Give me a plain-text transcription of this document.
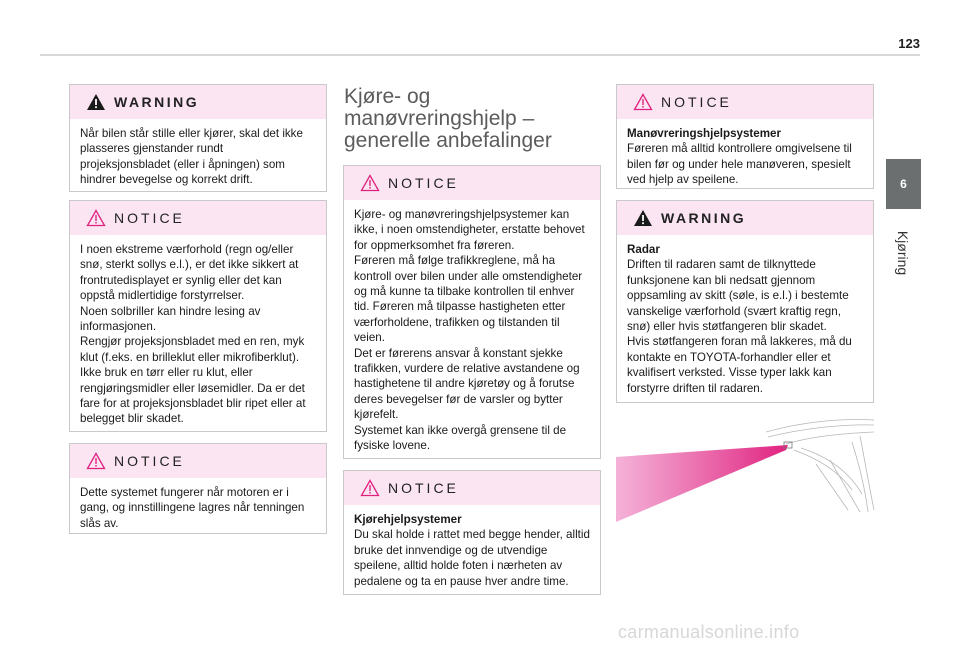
123
6
Kjøring
WARNING

Når bilen står stille eller kjører, skal det ikke plasseres gjenstander rundt projeksjonsbladet (eller i åpningen) som hindrer bevegelse og korrekt drift.

NOTICE

I noen ekstreme værforhold (regn og/eller snø, sterkt sollys e.l.), er det ikke sikkert at frontrutedisplayet er synlig eller det kan oppstå midlertidige forstyrrelser.

Noen solbriller kan hindre lesing av informasjonen.

Rengjør projeksjonsbladet med en ren, myk klut (f.eks. en brilleklut eller mikrofiberklut). Ikke bruk en tørr eller ru klut, eller rengjøringsmidler eller løsemidler. Da er det fare for at projeksjonsbladet blir ripet eller at belegget blir skadet.

NOTICE

Dette systemet fungerer når motoren er i gang, og innstillingene lagres når tenningen slås av.

Kjøre- og

manøvreringshjelp –

generelle anbefalinger

NOTICE

Kjøre- og manøvreringshjelpsystemer kan ikke, i noen omstendigheter, erstatte behovet for oppmerksomhet fra føreren.

Føreren må følge trafikkreglene, må ha kontroll over bilen under alle omstendigheter og må kunne ta tilbake kontrollen til enhver tid. Føreren må tilpasse hastigheten etter værforholdene, trafikken og tilstanden til veien.

Det er førerens ansvar å konstant sjekke trafikken, vurdere de relative avstandene og hastighetene til andre kjøretøy og å forutse deres bevegelser før de varsler og bytter kjørefelt.

Systemet kan ikke overgå grensene til de fysiske lovene.

NOTICE

Kjørehjelpsystemer

Du skal holde i rattet med begge hender, alltid bruke det innvendige og de utvendige speilene, alltid holde foten i nærheten av pedalene og ta en pause hver andre time.

NOTICE

Manøvreringshjelpsystemer

Føreren må alltid kontrollere omgivelsene til bilen før og under hele manøveren, spesielt ved hjelp av speilene.

WARNING

Radar

Driften til radaren samt de tilknyttede funksjonene kan bli nedsatt gjennom oppsamling av skitt (søle, is e.l.) i bestemte vanskelige værforhold (svært kraftig regn, snø) eller hvis støtfangeren blir skadet.

Hvis støtfangeren foran må lakkeres, må du kontakte en TOYOTA-forhandler eller et kvalifisert verksted. Visse typer lakk kan forstyrre driften til radaren.

carmanualsonline.info
